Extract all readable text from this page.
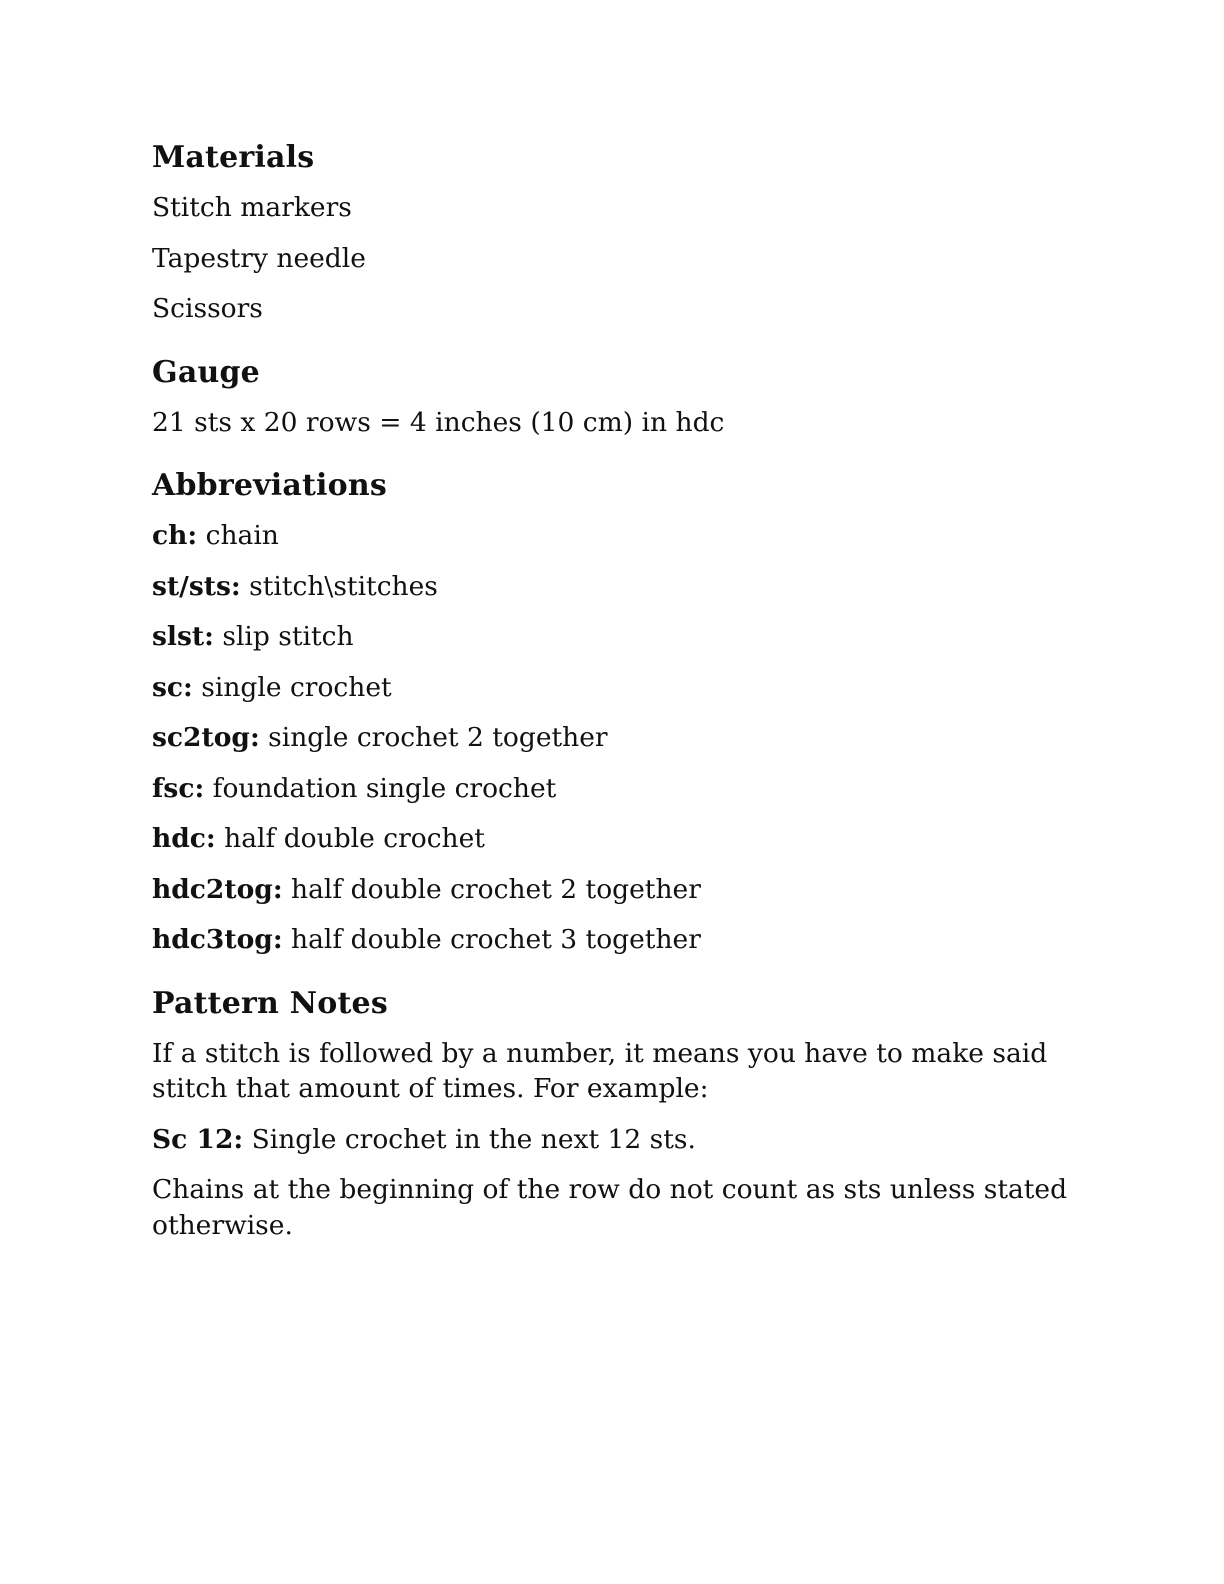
Materials

Stitch markers

Tapestry needle

Scissors

Gauge

21 sts x 20 rows = 4 inches (10 cm) in hdc

Abbreviations

ch: chain

st/sts: stitch\stitches

slst: slip stitch

sc: single crochet

sc2tog: single crochet 2 together

fsc: foundation single crochet

hdc: half double crochet

hdc2tog: half double crochet 2 together

hdc3tog: half double crochet 3 together

Pattern Notes

If a stitch is followed by a number, it means you have to make said stitch that amount of times. For example:

Sc 12: Single crochet in the next 12 sts.

Chains at the beginning of the row do not count as sts unless stated otherwise.
